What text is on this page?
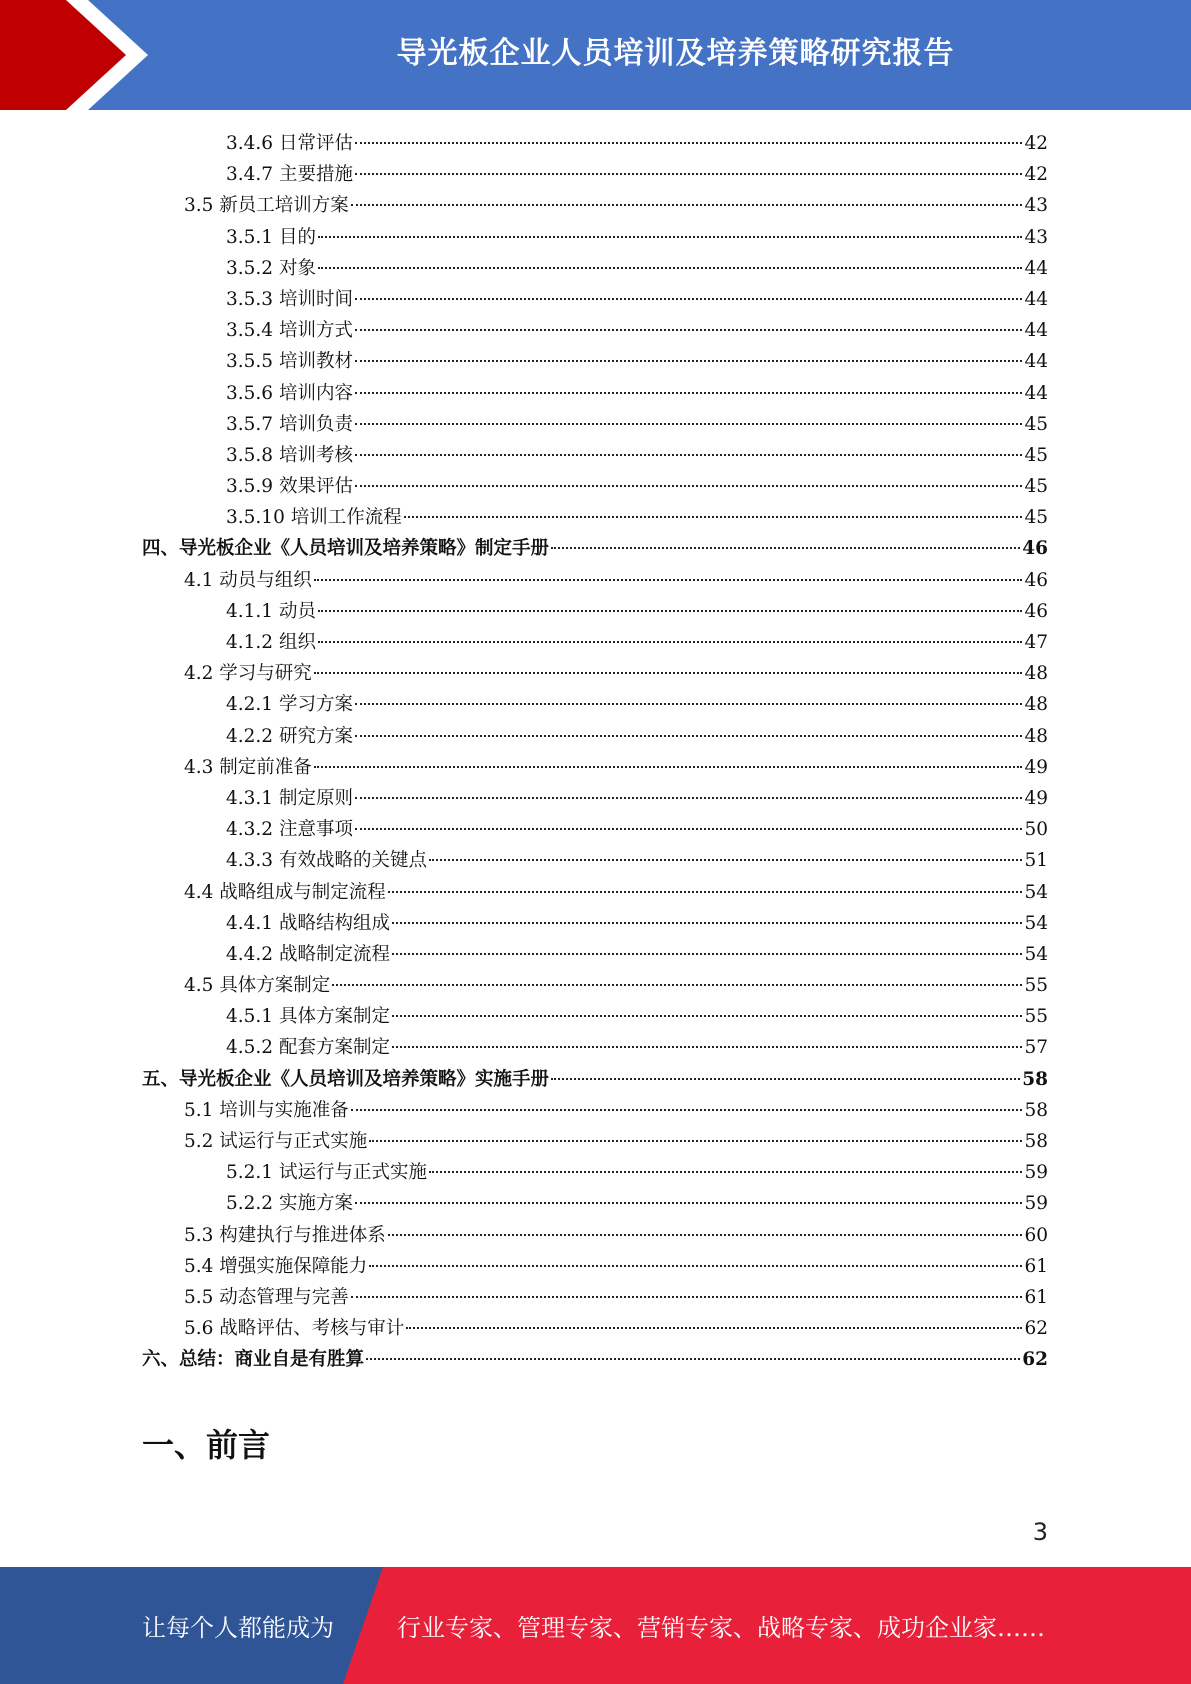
导光板企业人员培训及培养策略研究报告
3.4.6 日常评估	42
3.4.7 主要措施	42
3.5 新员工培训方案	43
3.5.1 目的	43
3.5.2 对象	44
3.5.3 培训时间	44
3.5.4 培训方式	44
3.5.5 培训教材	44
3.5.6 培训内容	44
3.5.7 培训负责	45
3.5.8 培训考核	45
3.5.9 效果评估	45
3.5.10 培训工作流程	45
四、导光板企业《人员培训及培养策略》制定手册	46
4.1 动员与组织	46
4.1.1 动员	46
4.1.2 组织	47
4.2 学习与研究	48
4.2.1 学习方案	48
4.2.2 研究方案	48
4.3 制定前准备	49
4.3.1 制定原则	49
4.3.2 注意事项	50
4.3.3 有效战略的关键点	51
4.4 战略组成与制定流程	54
4.4.1 战略结构组成	54
4.4.2 战略制定流程	54
4.5 具体方案制定	55
4.5.1 具体方案制定	55
4.5.2 配套方案制定	57
五、导光板企业《人员培训及培养策略》实施手册	58
5.1 培训与实施准备	58
5.2 试运行与正式实施	58
5.2.1 试运行与正式实施	59
5.2.2 实施方案	59
5.3 构建执行与推进体系	60
5.4 增强实施保障能力	61
5.5 动态管理与完善	61
5.6 战略评估、考核与审计	62
六、总结：商业自是有胜算	62
一、前言
3
让每个人都能成为	行业专家、管理专家、营销专家、战略专家、成功企业家……
